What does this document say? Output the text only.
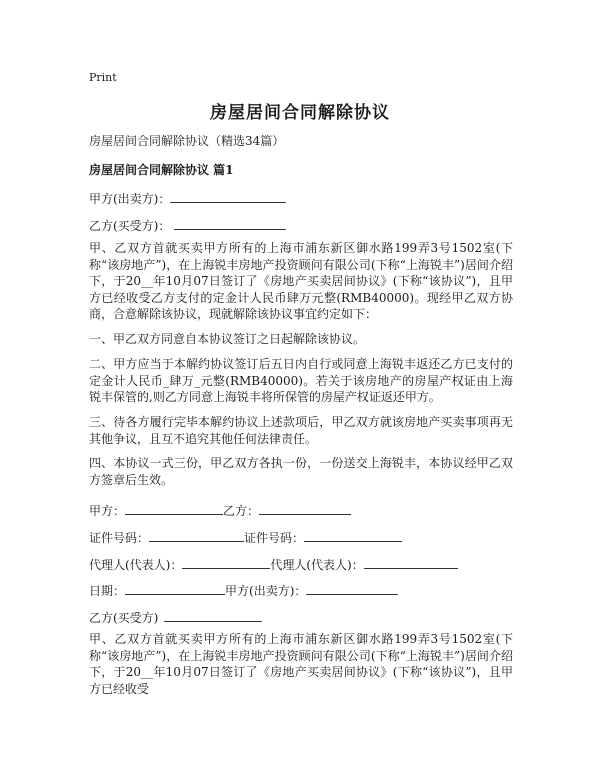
Print
房屋居间合同解除协议
房屋居间合同解除协议（精选34篇）
房屋居间合同解除协议 篇1
甲方(出卖方)：
乙方(买受方)：
甲、乙双方首就买卖甲方所有的上海市浦东新区御水路199弄3号1502室(下称“该房地产”)，在上海锐丰房地产投资顾问有限公司(下称“上海锐丰”)居间介绍下，于20__年10月07日签订了《房地产买卖居间协议》(下称“该协议”)，且甲方已经收受乙方支付的定金计人民币肆万元整(RMB40000)。现经甲乙双方协商，合意解除该协议，现就解除该协议事宜约定如下：
一、甲乙双方同意自本协议签订之日起解除该协议。
二、甲方应当于本解约协议签订后五日内自行或同意上海锐丰返还乙方已支付的定金计人民币_肆万_元整(RMB40000)。若关于该房地产的房屋产权证由上海锐丰保管的,则乙方同意上海锐丰将所保管的房屋产权证返还甲方。
三、待各方履行完毕本解约协议上述款项后，甲乙双方就该房地产买卖事项再无其他争议，且互不追究其他任何法律责任。
四、本协议一式三份，甲乙双方各执一份，一份送交上海锐丰，本协议经甲乙双方签章后生效。
甲方：	乙方：
证件号码：	证件号码：
代理人(代表人)：	代理人(代表人)：
日期：	甲方(出卖方)：
乙方(买受方)
甲、乙双方首就买卖甲方所有的上海市浦东新区御水路199弄3号1502室(下称“该房地产”)，在上海锐丰房地产投资顾问有限公司(下称“上海锐丰”)居间介绍下，于20__年10月07日签订了《房地产买卖居间协议》(下称“该协议”)，且甲方已经收受
